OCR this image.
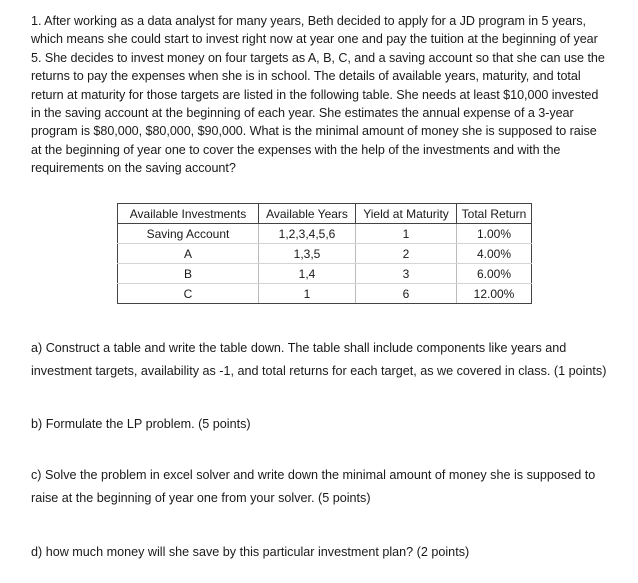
1. After working as a data analyst for many years, Beth decided to apply for a JD program in 5 years,
which means she could start to invest right now at year one and pay the tuition at the beginning of year
5. She decides to invest money on four targets as A, B, C, and a saving account so that she can use the
returns to pay the expenses when she is in school. The details of available years, maturity, and total
return at maturity for those targets are listed in the following table. She needs at least $10,000 invested
in the saving account at the beginning of each year. She estimates the annual expense of a 3-year
program is $80,000, $80,000, $90,000. What is the minimal amount of money she is supposed to raise
at the beginning of year one to cover the expenses with the help of the investments and with the
requirements on the saving account?
Available Investments	Available Years	Yield at Maturity	Total Return
Saving Account	1,2,3,4,5,6	1	1.00%
A	1,3,5	2	4.00%
B	1,4	3	6.00%
C	1	6	12.00%
a) Construct a table and write the table down. The table shall include components like years and
investment targets, availability as -1, and total returns for each target, as we covered in class. (1 points)
b) Formulate the LP problem. (5 points)
c) Solve the problem in excel solver and write down the minimal amount of money she is supposed to
raise at the beginning of year one from your solver. (5 points)
d) how much money will she save by this particular investment plan? (2 points)
